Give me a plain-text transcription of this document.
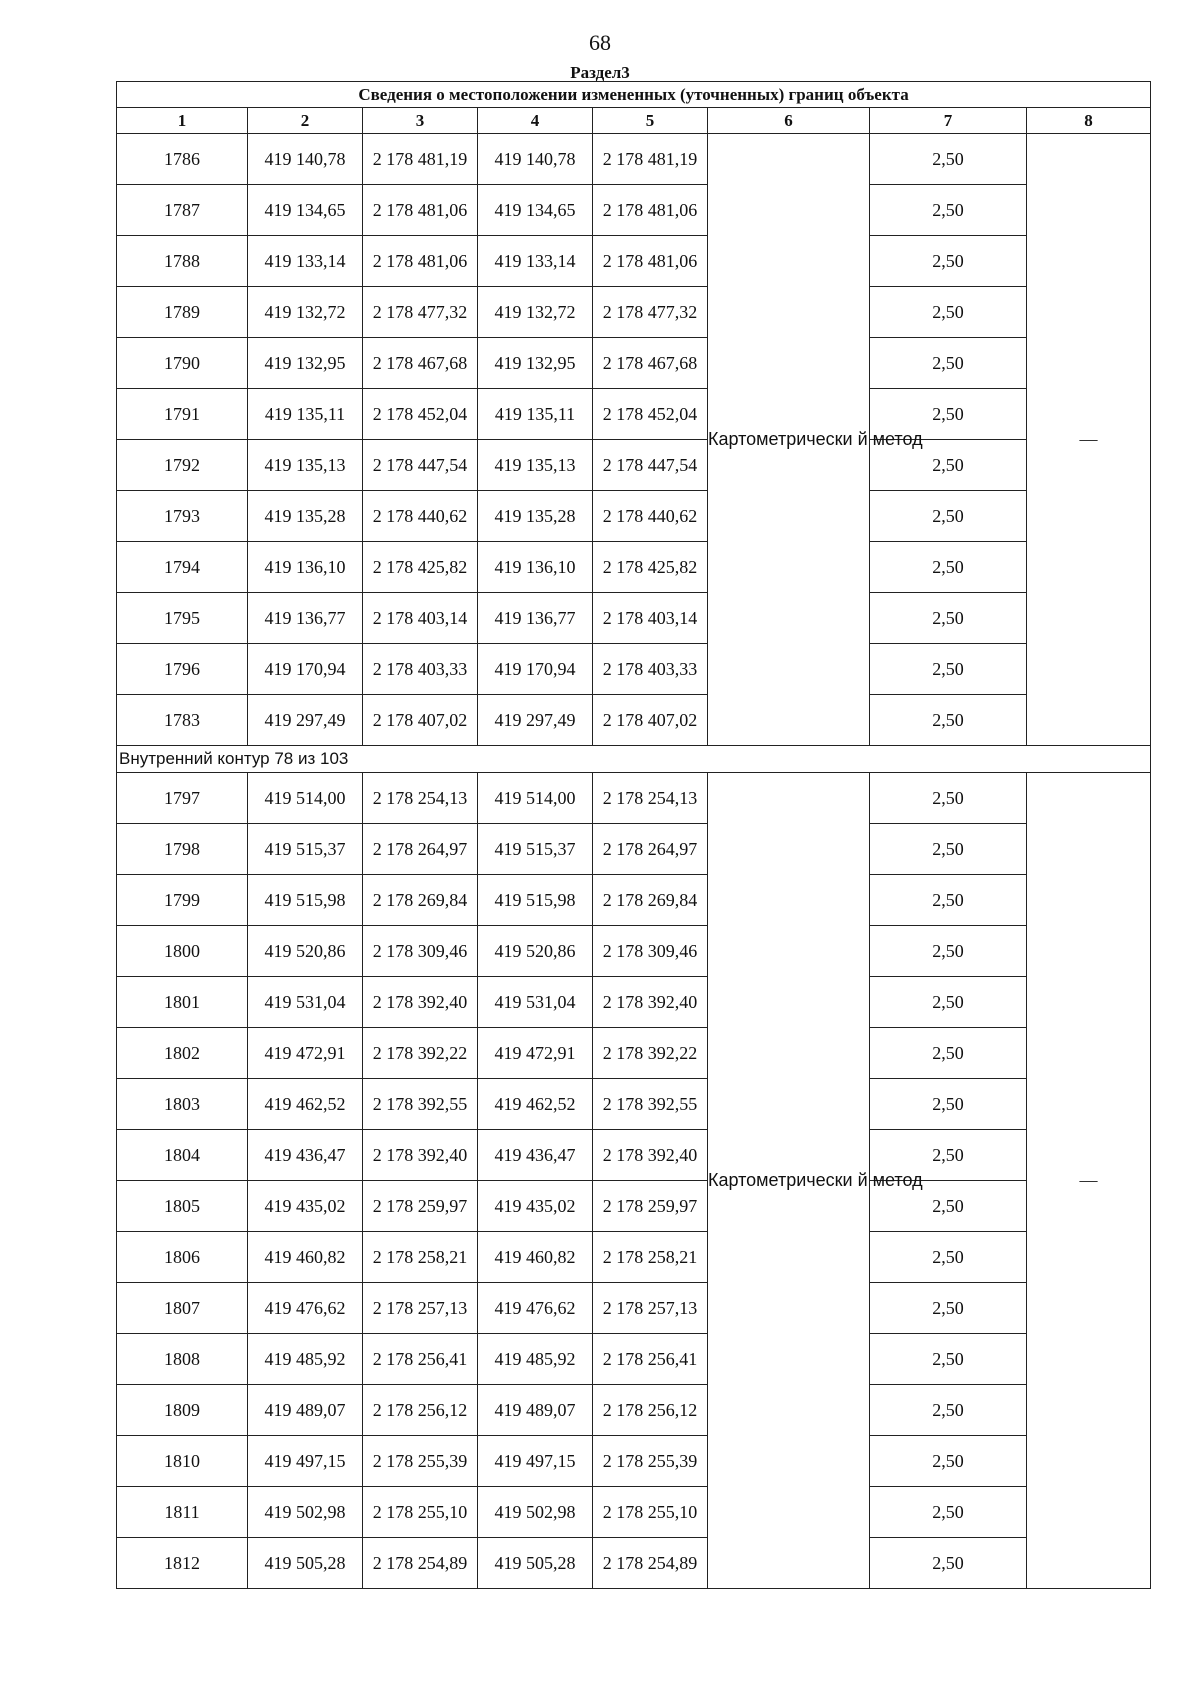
68
Раздел3
Сведения о местоположении измененных (уточненных) границ объекта							
1	2	3	4	5	6	7	8
1786	419 140,78	2 178 481,19	419 140,78	2 178 481,19	Картометрически й метод	2,50	—
1787	419 134,65	2 178 481,06	419 134,65	2 178 481,06		2,50	
1788	419 133,14	2 178 481,06	419 133,14	2 178 481,06		2,50	
1789	419 132,72	2 178 477,32	419 132,72	2 178 477,32		2,50	
1790	419 132,95	2 178 467,68	419 132,95	2 178 467,68		2,50	
1791	419 135,11	2 178 452,04	419 135,11	2 178 452,04		2,50	
1792	419 135,13	2 178 447,54	419 135,13	2 178 447,54		2,50	
1793	419 135,28	2 178 440,62	419 135,28	2 178 440,62		2,50	
1794	419 136,10	2 178 425,82	419 136,10	2 178 425,82		2,50	
1795	419 136,77	2 178 403,14	419 136,77	2 178 403,14		2,50	
1796	419 170,94	2 178 403,33	419 170,94	2 178 403,33		2,50	
1783	419 297,49	2 178 407,02	419 297,49	2 178 407,02		2,50	
Внутренний контур 78 из 103							
1797	419 514,00	2 178 254,13	419 514,00	2 178 254,13	Картометрически й метод	2,50	—
1798	419 515,37	2 178 264,97	419 515,37	2 178 264,97		2,50	
1799	419 515,98	2 178 269,84	419 515,98	2 178 269,84		2,50	
1800	419 520,86	2 178 309,46	419 520,86	2 178 309,46		2,50	
1801	419 531,04	2 178 392,40	419 531,04	2 178 392,40		2,50	
1802	419 472,91	2 178 392,22	419 472,91	2 178 392,22		2,50	
1803	419 462,52	2 178 392,55	419 462,52	2 178 392,55		2,50	
1804	419 436,47	2 178 392,40	419 436,47	2 178 392,40		2,50	
1805	419 435,02	2 178 259,97	419 435,02	2 178 259,97		2,50	
1806	419 460,82	2 178 258,21	419 460,82	2 178 258,21		2,50	
1807	419 476,62	2 178 257,13	419 476,62	2 178 257,13		2,50	
1808	419 485,92	2 178 256,41	419 485,92	2 178 256,41		2,50	
1809	419 489,07	2 178 256,12	419 489,07	2 178 256,12		2,50	
1810	419 497,15	2 178 255,39	419 497,15	2 178 255,39		2,50	
1811	419 502,98	2 178 255,10	419 502,98	2 178 255,10		2,50	
1812	419 505,28	2 178 254,89	419 505,28	2 178 254,89		2,50	
